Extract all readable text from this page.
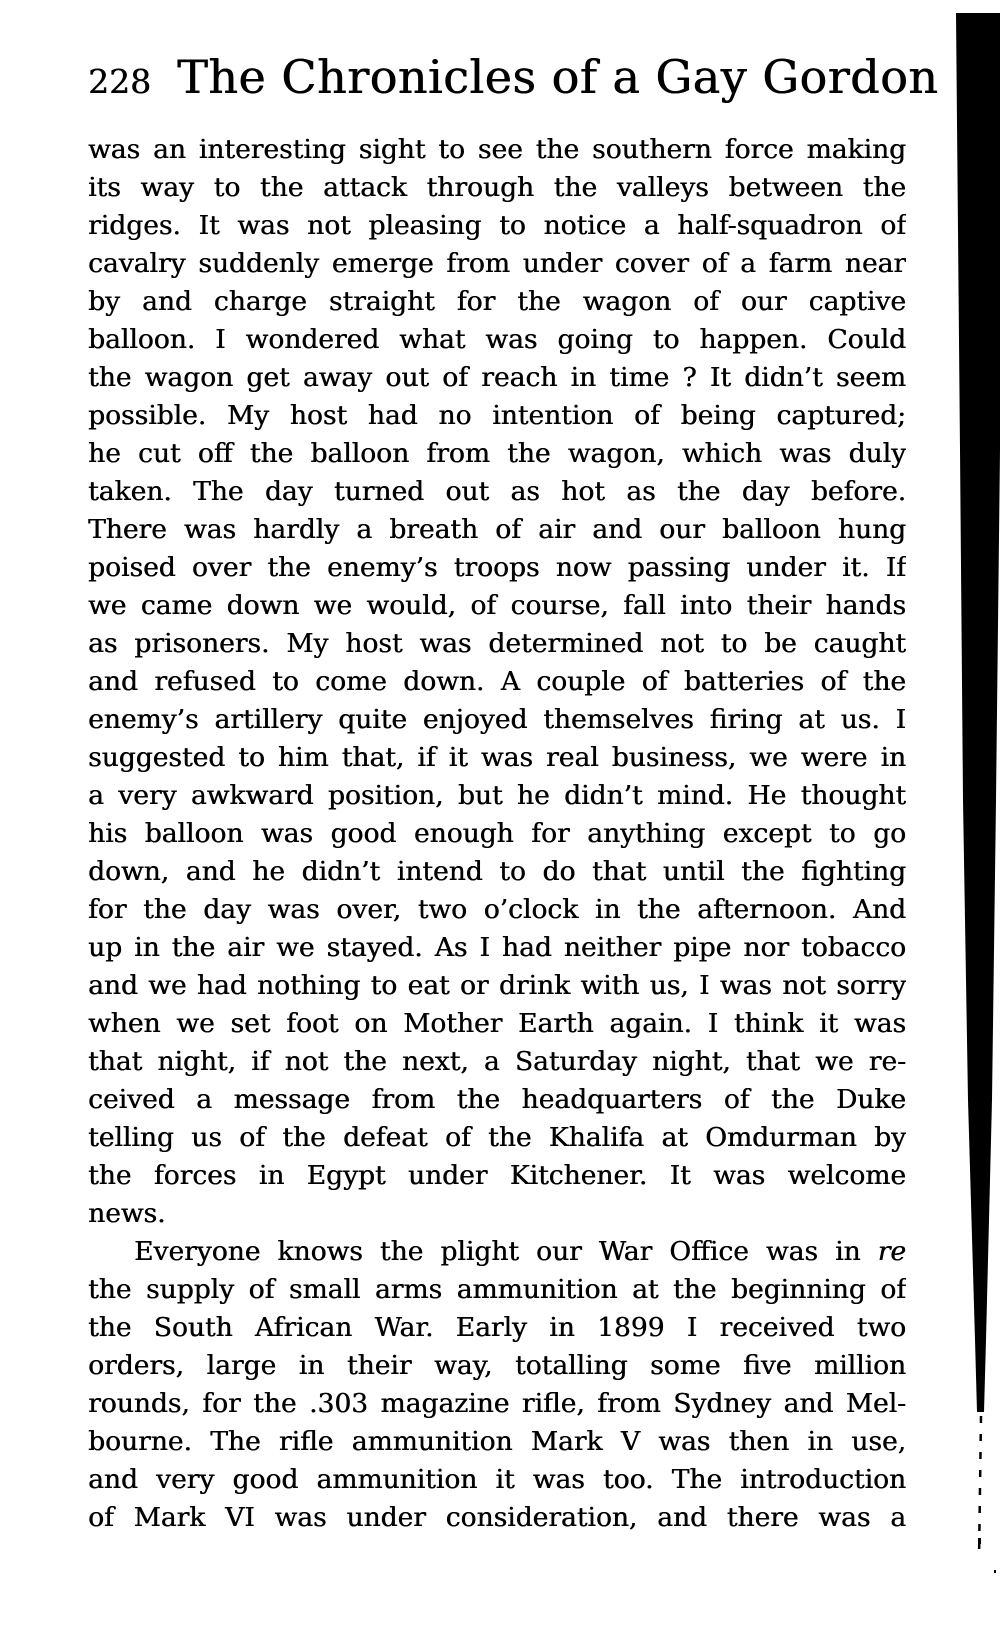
228 The Chronicles of a Gay Gordon
was an interesting sight to see the southern force making
its way to the attack through the valleys between the
ridges. It was not pleasing to notice a half-squadron of
cavalry suddenly emerge from under cover of a farm near
by and charge straight for the wagon of our captive
balloon. I wondered what was going to happen. Could
the wagon get away out of reach in time ? It didn’t seem
possible. My host had no intention of being captured;
he cut off the balloon from the wagon, which was duly
taken. The day turned out as hot as the day before.
There was hardly a breath of air and our balloon hung
poised over the enemy’s troops now passing under it. If
we came down we would, of course, fall into their hands
as prisoners. My host was determined not to be caught
and refused to come down. A couple of batteries of the
enemy’s artillery quite enjoyed themselves firing at us. I
suggested to him that, if it was real business, we were in
a very awkward position, but he didn’t mind. He thought
his balloon was good enough for anything except to go
down, and he didn’t intend to do that until the fighting
for the day was over, two o’clock in the afternoon. And
up in the air we stayed. As I had neither pipe nor tobacco
and we had nothing to eat or drink with us, I was not sorry
when we set foot on Mother Earth again. I think it was
that night, if not the next, a Saturday night, that we re-
ceived a message from the headquarters of the Duke
telling us of the defeat of the Khalifa at Omdurman by
the forces in Egypt under Kitchener. It was welcome
news.
Everyone knows the plight our War Office was in re
the supply of small arms ammunition at the beginning of
the South African War. Early in 1899 I received two
orders, large in their way, totalling some five million
rounds, for the .303 magazine rifle, from Sydney and Mel-
bourne. The rifle ammunition Mark V was then in use,
and very good ammunition it was too. The introduction
of Mark VI was under consideration, and there was a
